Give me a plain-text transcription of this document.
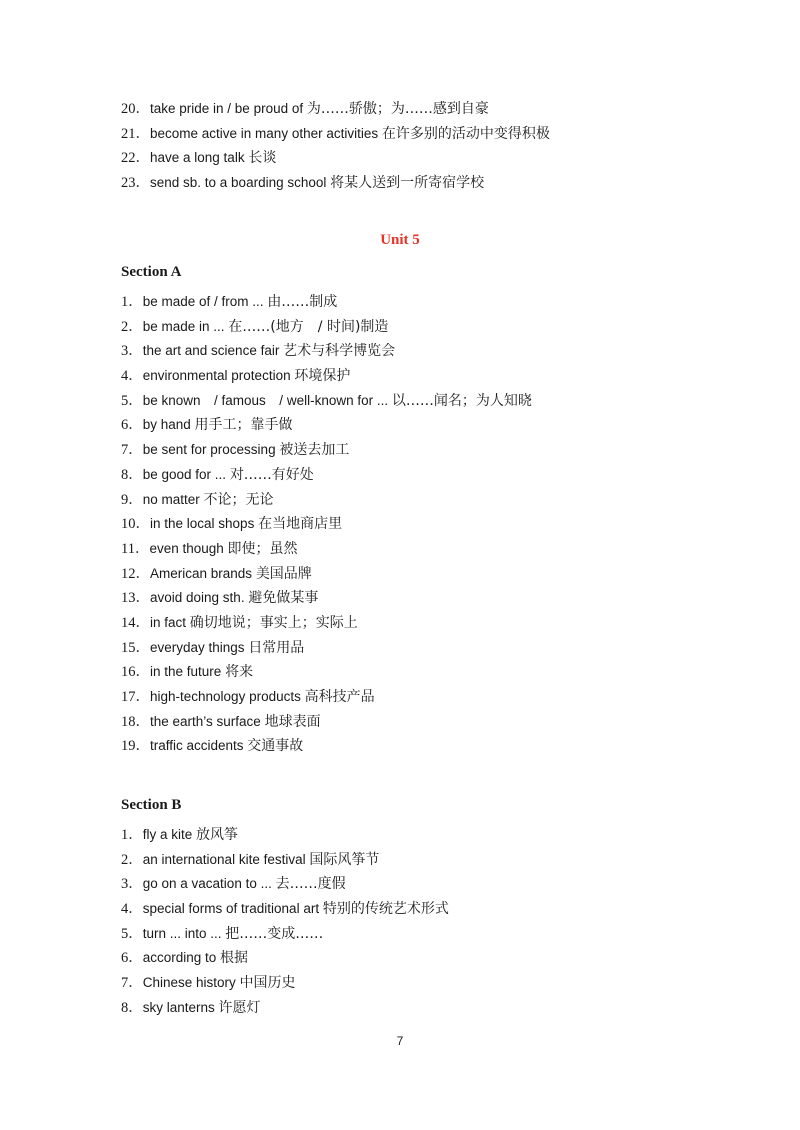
20．take pride in / be proud of 为……骄傲；为……感到自豪
21．become active in many other activities 在许多别的活动中变得积极
22．have a long talk 长谈
23．send sb. to a boarding school 将某人送到一所寄宿学校
Unit 5
Section A
1．be made of / from ... 由……制成
2．be made in ... 在……(地方　/ 时间)制造
3．the art and science fair 艺术与科学博览会
4．environmental protection 环境保护
5．be known　/ famous　/ well-known for ... 以……闻名；为人知晓
6．by hand 用手工；靠手做
7．be sent for processing 被送去加工
8．be good for ... 对……有好处
9．no matter 不论；无论
10．in the local shops 在当地商店里
11．even though 即使；虽然
12．American brands 美国品牌
13．avoid doing sth. 避免做某事
14．in fact 确切地说；事实上；实际上
15．everyday things 日常用品
16．in the future 将来
17．high-technology products 高科技产品
18．the earth’s surface 地球表面
19．traffic accidents 交通事故
Section B
1．fly a kite 放风筝
2．an international kite festival 国际风筝节
3．go on a vacation to ... 去……度假
4．special forms of traditional art 特别的传统艺术形式
5．turn ... into ... 把……变成……
6．according to 根据
7．Chinese history 中国历史
8．sky lanterns 许愿灯
7
